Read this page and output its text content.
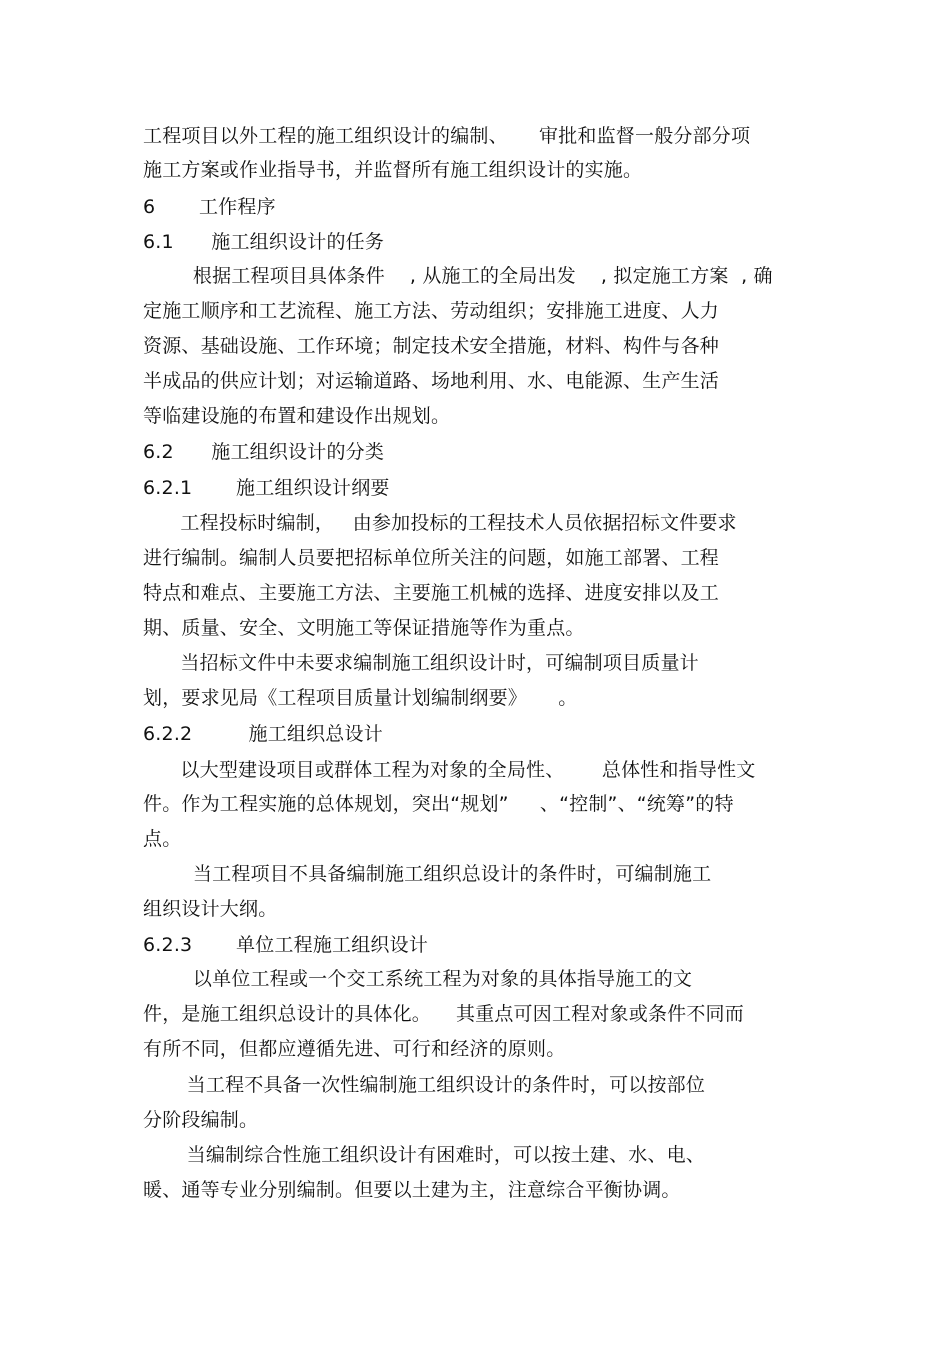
工程项目以外工程的施工组织设计的编制、     审批和监督一般分部分项
施工方案或作业指导书，并监督所有施工组织设计的实施。
6       工作程序
6.1      施工组织设计的任务
根据工程项目具体条件    , 从施工的全局出发    , 拟定施工方案  , 确
定施工顺序和工艺流程、施工方法、劳动组织；安排施工进度、人力
资源、基础设施、工作环境；制定技术安全措施，材料、构件与各种
半成品的供应计划；对运输道路、场地利用、水、电能源、生产生活
等临建设施的布置和建设作出规划。
6.2      施工组织设计的分类
6.2.1       施工组织设计纲要
工程投标时编制，   由参加投标的工程技术人员依据招标文件要求
进行编制。编制人员要把招标单位所关注的问题，如施工部署、工程
特点和难点、主要施工方法、主要施工机械的选择、进度安排以及工
期、质量、安全、文明施工等保证措施等作为重点。
当招标文件中未要求编制施工组织设计时，可编制项目质量计
划，要求见局《工程项目质量计划编制纲要》     。
6.2.2         施工组织总设计
以大型建设项目或群体工程为对象的全局性、      总体性和指导性文
件。作为工程实施的总体规划，突出“规划”     、“控制”、“统筹”的特
点。
当工程项目不具备编制施工组织总设计的条件时，可编制施工
组织设计大纲。
6.2.3       单位工程施工组织设计
以单位工程或一个交工系统工程为对象的具体指导施工的文
件，是施工组织总设计的具体化。    其重点可因工程对象或条件不同而
有所不同，但都应遵循先进、可行和经济的原则。
当工程不具备一次性编制施工组织设计的条件时，可以按部位
分阶段编制。
当编制综合性施工组织设计有困难时，可以按土建、水、电、
暖、通等专业分别编制。但要以土建为主，注意综合平衡协调。
